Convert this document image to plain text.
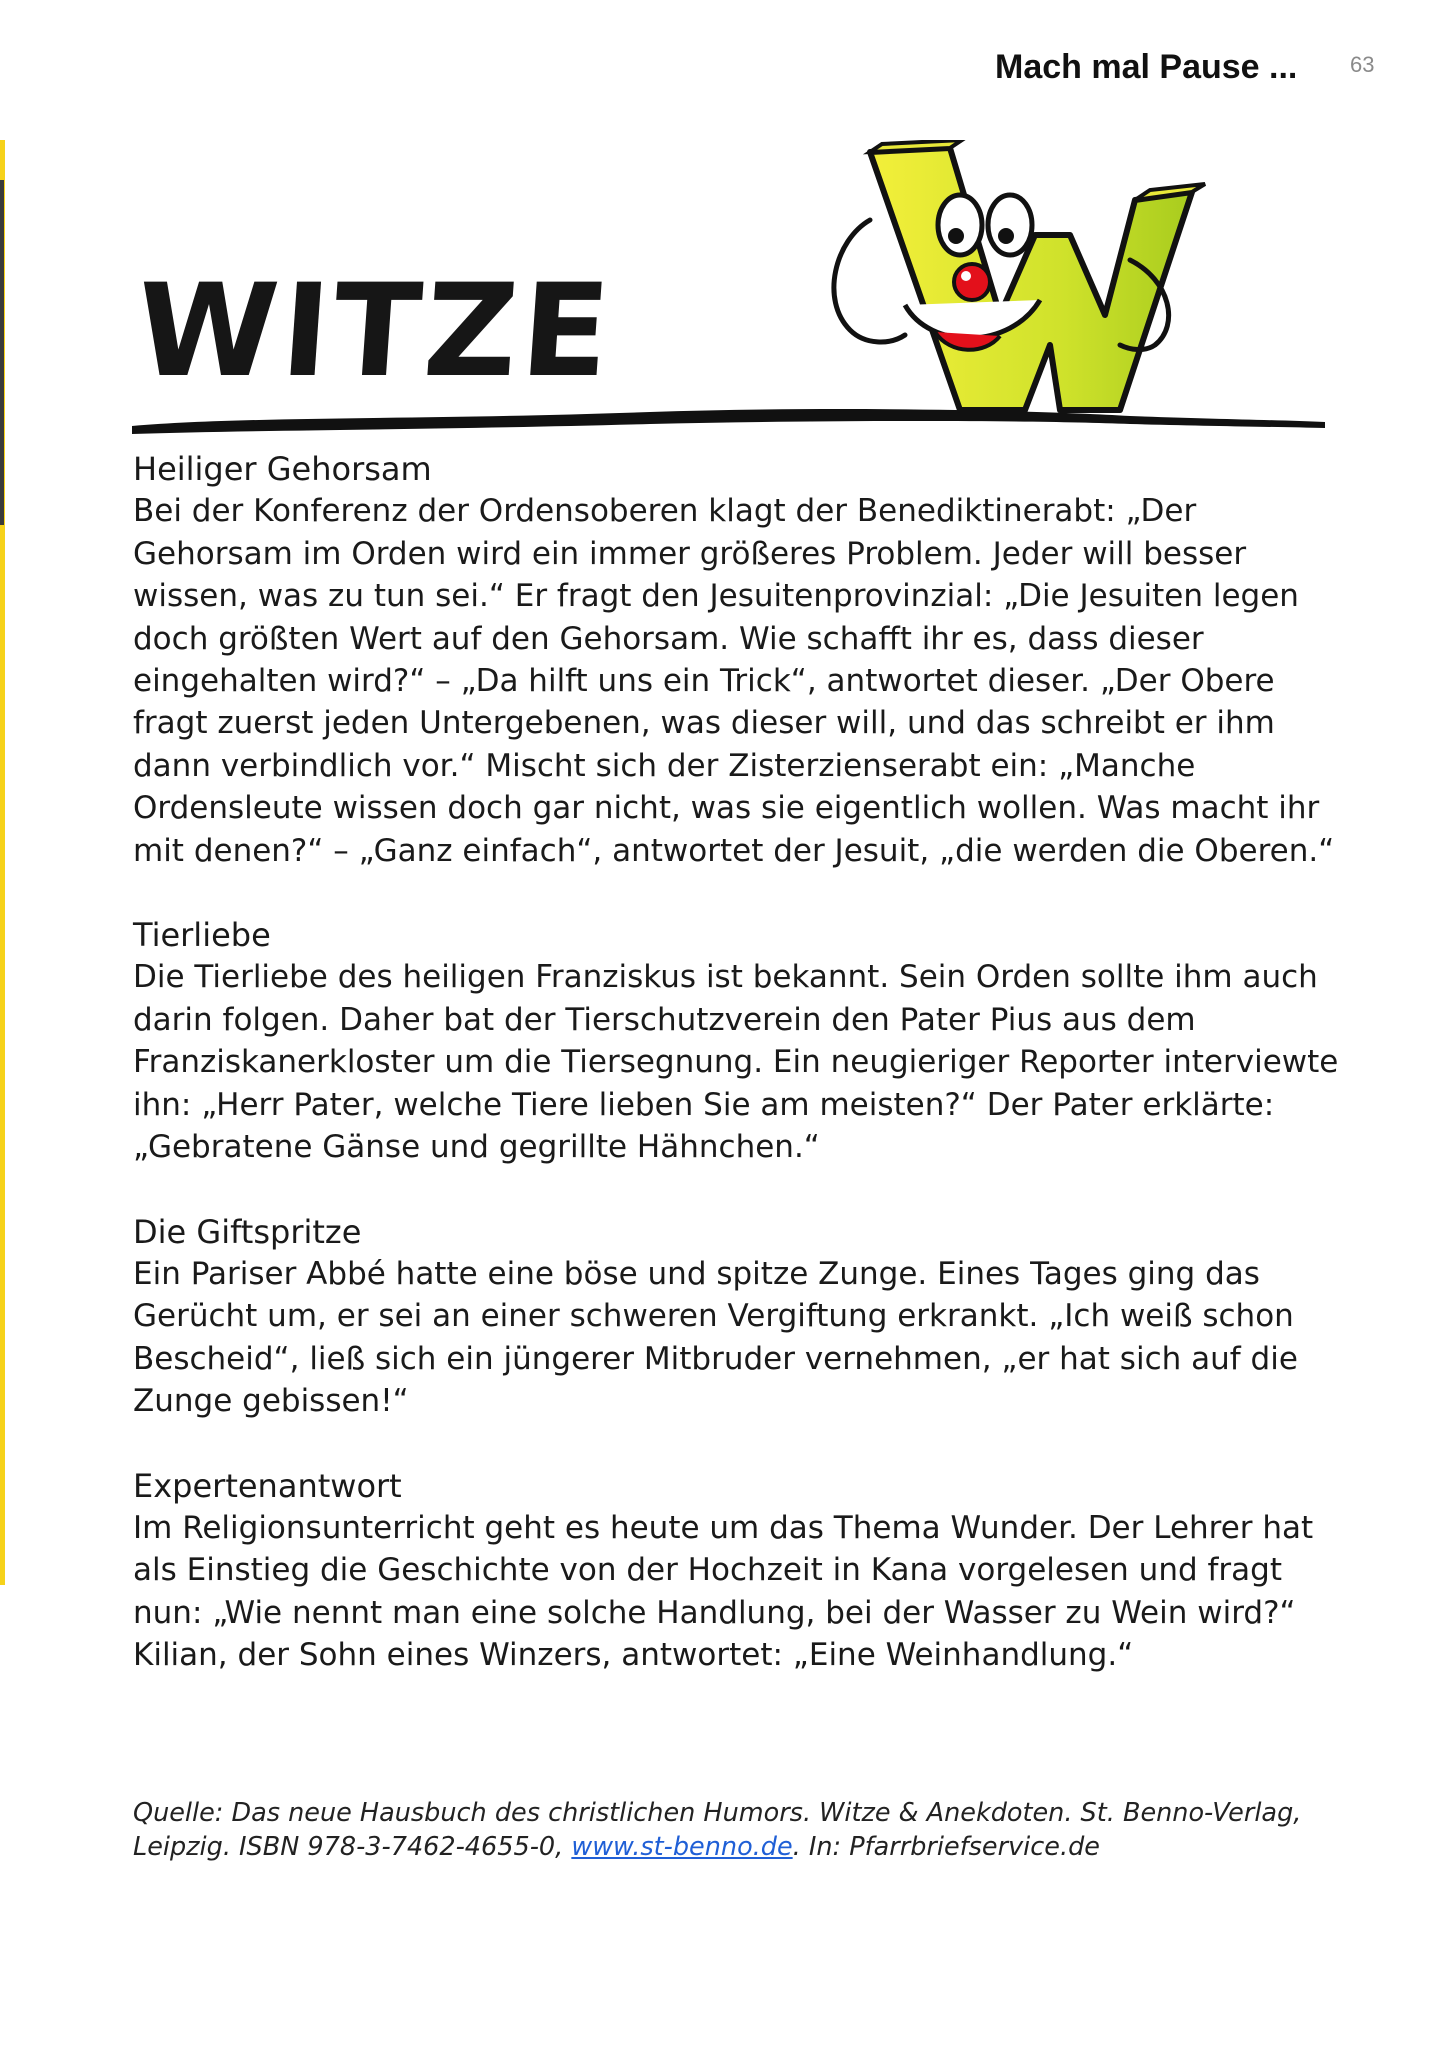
Mach mal Pause ... 63
WITZE
Heiliger Gehorsam
Bei der Konferenz der Ordensoberen klagt der Benediktinerabt: „Der Gehorsam im Orden wird ein immer größeres Problem. Jeder will besser wissen, was zu tun sei.“ Er fragt den Jesuitenprovinzial: „Die Jesuiten legen doch größten Wert auf den Gehorsam. Wie schafft ihr es, dass dieser eingehalten wird?“ – „Da hilft uns ein Trick“, antwortet dieser. „Der Obere fragt zuerst jeden Untergebenen, was dieser will, und das schreibt er ihm dann verbindlich vor.“ Mischt sich der Zisterzienserabt ein: „Manche Ordensleute wissen doch gar nicht, was sie eigentlich wollen. Was macht ihr mit denen?“ – „Ganz einfach“, antwortet der Jesuit, „die werden die Oberen.“
Tierliebe
Die Tierliebe des heiligen Franziskus ist bekannt. Sein Orden sollte ihm auch darin folgen. Daher bat der Tierschutzverein den Pater Pius aus dem Franziskanerkloster um die Tiersegnung. Ein neugieriger Reporter interviewte ihn: „Herr Pater, welche Tiere lieben Sie am meisten?“ Der Pater erklärte: „Gebratene Gänse und gegrillte Hähnchen.“
Die Giftspritze
Ein Pariser Abbé hatte eine böse und spitze Zunge. Eines Tages ging das Gerücht um, er sei an einer schweren Vergiftung erkrankt. „Ich weiß schon Bescheid“, ließ sich ein jüngerer Mitbruder vernehmen, „er hat sich auf die Zunge gebissen!“
Expertenantwort
Im Religionsunterricht geht es heute um das Thema Wunder. Der Lehrer hat als Einstieg die Geschichte von der Hochzeit in Kana vorgelesen und fragt nun: „Wie nennt man eine solche Handlung, bei der Wasser zu Wein wird?“ Kilian, der Sohn eines Winzers, antwortet: „Eine Weinhandlung.“
Quelle: Das neue Hausbuch des christlichen Humors. Witze & Anekdoten. St. Benno-Verlag, Leipzig. ISBN 978-3-7462-4655-0, www.st-benno.de. In: Pfarrbriefservice.de
